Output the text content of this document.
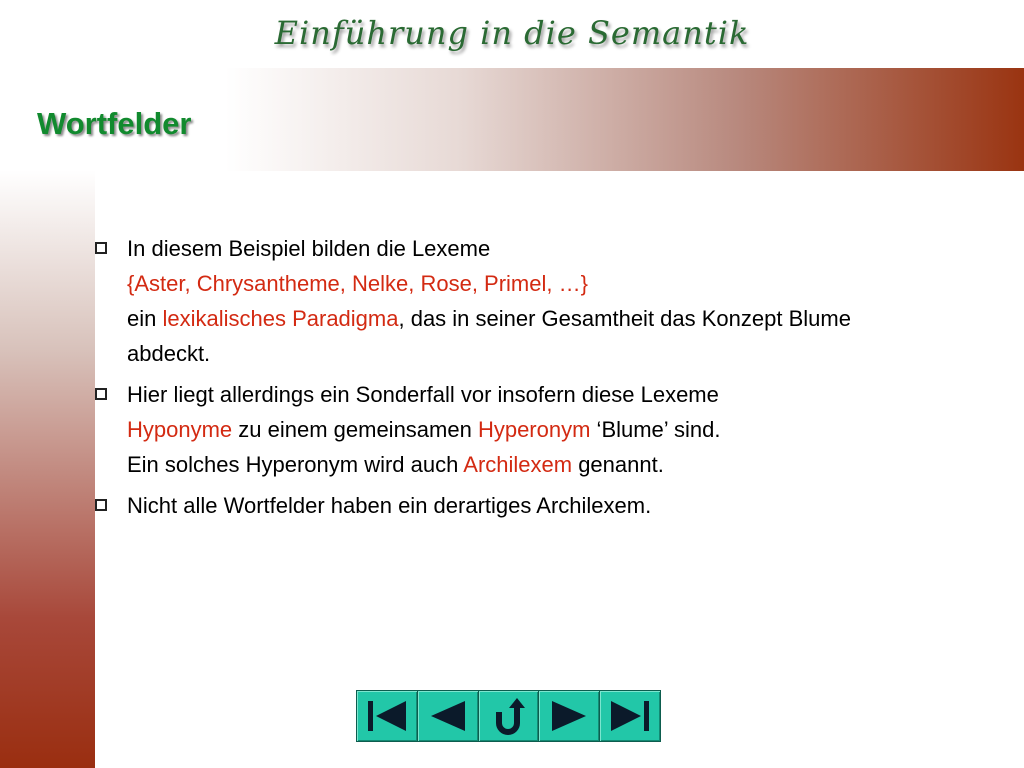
Einführung in die Semantik
Wortfelder
In diesem Beispiel bilden die Lexeme
{Aster, Chrysantheme, Nelke, Rose, Primel, …}
ein lexikalisches Paradigma, das in seiner Gesamtheit das Konzept Blume abdeckt.
Hier liegt allerdings ein Sonderfall vor insofern diese Lexeme
Hyponyme zu einem gemeinsamen Hyperonym ‘Blume’ sind.
Ein solches Hyperonym wird auch Archilexem genannt.
Nicht alle Wortfelder haben ein derartiges Archilexem.
